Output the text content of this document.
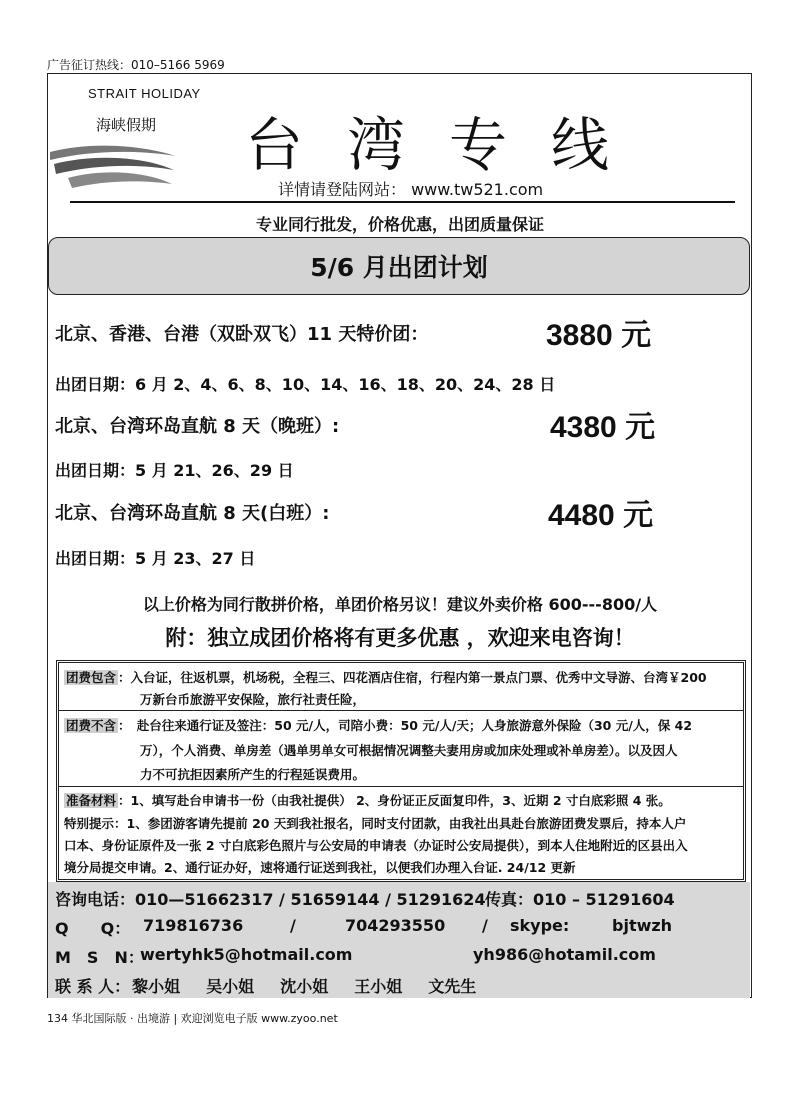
广告征订热线：010–5166 5969
STRAIT HOLIDAY
海峡假期 台湾专线
详情请登陆网站： www.tw521.com
专业同行批发，价格优惠，出团质量保证
5/6 月出团计划
北京、香港、台港（双卧双飞）11 天特价团：	3880 元
出团日期：6 月 2、4、6、8、10、14、16、18、20、24、28 日
北京、台湾环岛直航 8 天（晚班）:	4380 元
出团日期：5 月 21、26、29 日
北京、台湾环岛直航 8 天(白班）:	4480 元
出团日期：5 月 23、27 日
以上价格为同行散拼价格，单团价格另议！建议外卖价格 600---800/人
附：独立成团价格将有更多优惠 ，欢迎来电咨询！
团费包含 ：入台证，往返机票，机场税，全程三、四花酒店住宿，行程内第一景点门票、优秀中文导游、台湾￥200
万新台币旅游平安保险，旅行社责任险，
团费不含 ：　赴台往来通行证及签注：50 元/人，司陪小费：50 元/人/天；人身旅游意外保险（30 元/人，保 42
万），个人消费、单房差（遇单男单女可根据情况调整夫妻用房或加床处理或补单房差）。以及因人
力不可抗拒因素所产生的行程延误费用。
准备材料 ：1、填写赴台申请书一份（由我社提供） 2、身份证正反面复印件，3、近期 2 寸白底彩照 4 张。
特别提示：1、参团游客请先提前 20 天到我社报名，同时支付团款，由我社出具赴台旅游团费发票后，持本人户
口本、身份证原件及一张 2 寸白底彩色照片与公安局的申请表（办证时公安局提供），到本人住地附近的区县出入
境分局提交申请。2、通行证办好，速将通行证送到我社，以便我们办理入台证. 24/12 更新
咨询电话：010—51662317 / 51659144 / 51291624 传真：010 – 51291604
Q　　Q： 719816736	/	704293550 / skype:	bjtwzh
M　S　N：
wertyhk5@hotmail.com	yh986@hotamil.com
联 系 人： 黎小姐 吴小姐 沈小姐 王小姐 文先生
134 华北国际版 · 出境游 | 欢迎浏览电子版 www.zyoo.net
